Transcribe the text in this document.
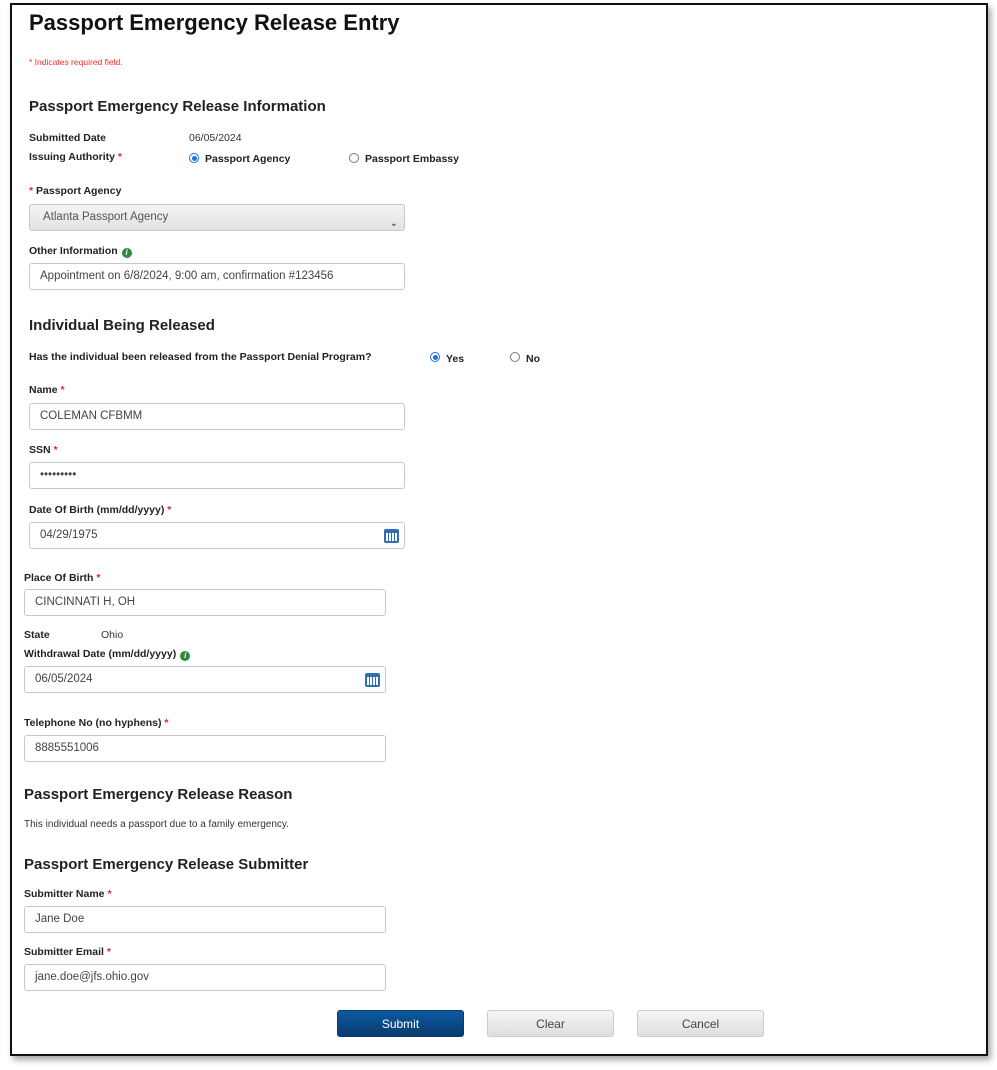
Passport Emergency Release Entry
* Indicates required field.
Passport Emergency Release Information
Submitted Date	06/05/2024
Issuing Authority *	Passport Agency	Passport Embassy
* Passport Agency
Atlanta Passport Agency
⌄
Other Information i
Appointment on 6/8/2024, 9:00 am, confirmation #123456
Individual Being Released
Has the individual been released from the Passport Denial Program?	Yes	No
Name *
COLEMAN CFBMM
SSN *
•••••••••
Date Of Birth (mm/dd/yyyy) *
04/29/1975
Place Of Birth *
CINCINNATI H, OH
State	Ohio
Withdrawal Date (mm/dd/yyyy) i
06/05/2024
Telephone No (no hyphens) *
8885551006
Passport Emergency Release Reason
This individual needs a passport due to a family emergency.
Passport Emergency Release Submitter
Submitter Name *
Jane Doe
Submitter Email *
jane.doe@jfs.ohio.gov
Submit	Clear	Cancel
